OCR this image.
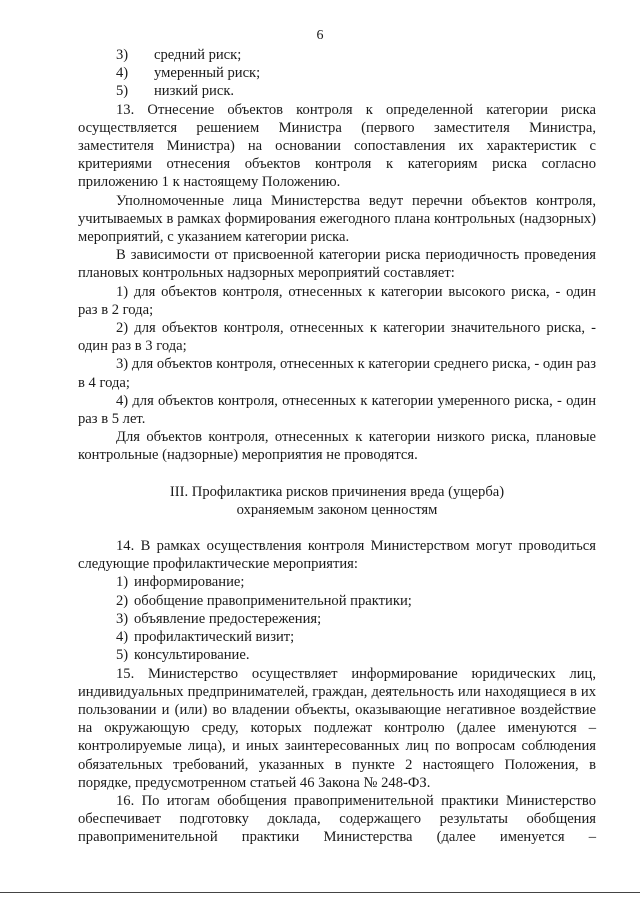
6
3)	средний риск;
4)	умеренный риск;
5)	низкий риск.

13. Отнесение объектов контроля к определенной категории риска осуществляется решением Министра (первого заместителя Министра, заместителя Министра) на основании сопоставления их характеристик с критериями отнесения объектов контроля к категориям риска согласно приложению 1 к настоящему Положению.

Уполномоченные лица Министерства ведут перечни объектов контроля, учитываемых в рамках формирования ежегодного плана контрольных (надзорных) мероприятий, с указанием категории риска.

В зависимости от присвоенной категории риска периодичность проведения плановых контрольных надзорных мероприятий составляет:

1) для объектов контроля, отнесенных к категории высокого риска, - один раз в 2 года;

2) для объектов контроля, отнесенных к категории значительного риска, - один раз в 3 года;

3) для объектов контроля, отнесенных к категории среднего риска, - один раз в 4 года;

4) для объектов контроля, отнесенных к категории умеренного риска, - один раз в 5 лет.

Для объектов контроля, отнесенных к категории низкого риска, плановые контрольные (надзорные) мероприятия не проводятся.

III. Профилактика рисков причинения вреда (ущерба)

охраняемым законом ценностям

14. В рамках осуществления контроля Министерством могут проводиться следующие профилактические мероприятия:

1) информирование;
2) обобщение правоприменительной практики;
3) объявление предостережения;
4) профилактический визит;
5) консультирование.

15. Министерство осуществляет информирование юридических лиц, индивидуальных предпринимателей, граждан, деятельность или находящиеся в их пользовании и (или) во владении объекты, оказывающие негативное воздействие на окружающую среду, которых подлежат контролю (далее именуются – контролируемые лица), и иных заинтересованных лиц по вопросам соблюдения обязательных требований, указанных в пункте 2 настоящего Положения, в порядке, предусмотренном статьей 46 Закона № 248-ФЗ.

16. По итогам обобщения правоприменительной практики Министерство обеспечивает подготовку доклада, содержащего результаты обобщения правоприменительной практики Министерства (далее именуется –
